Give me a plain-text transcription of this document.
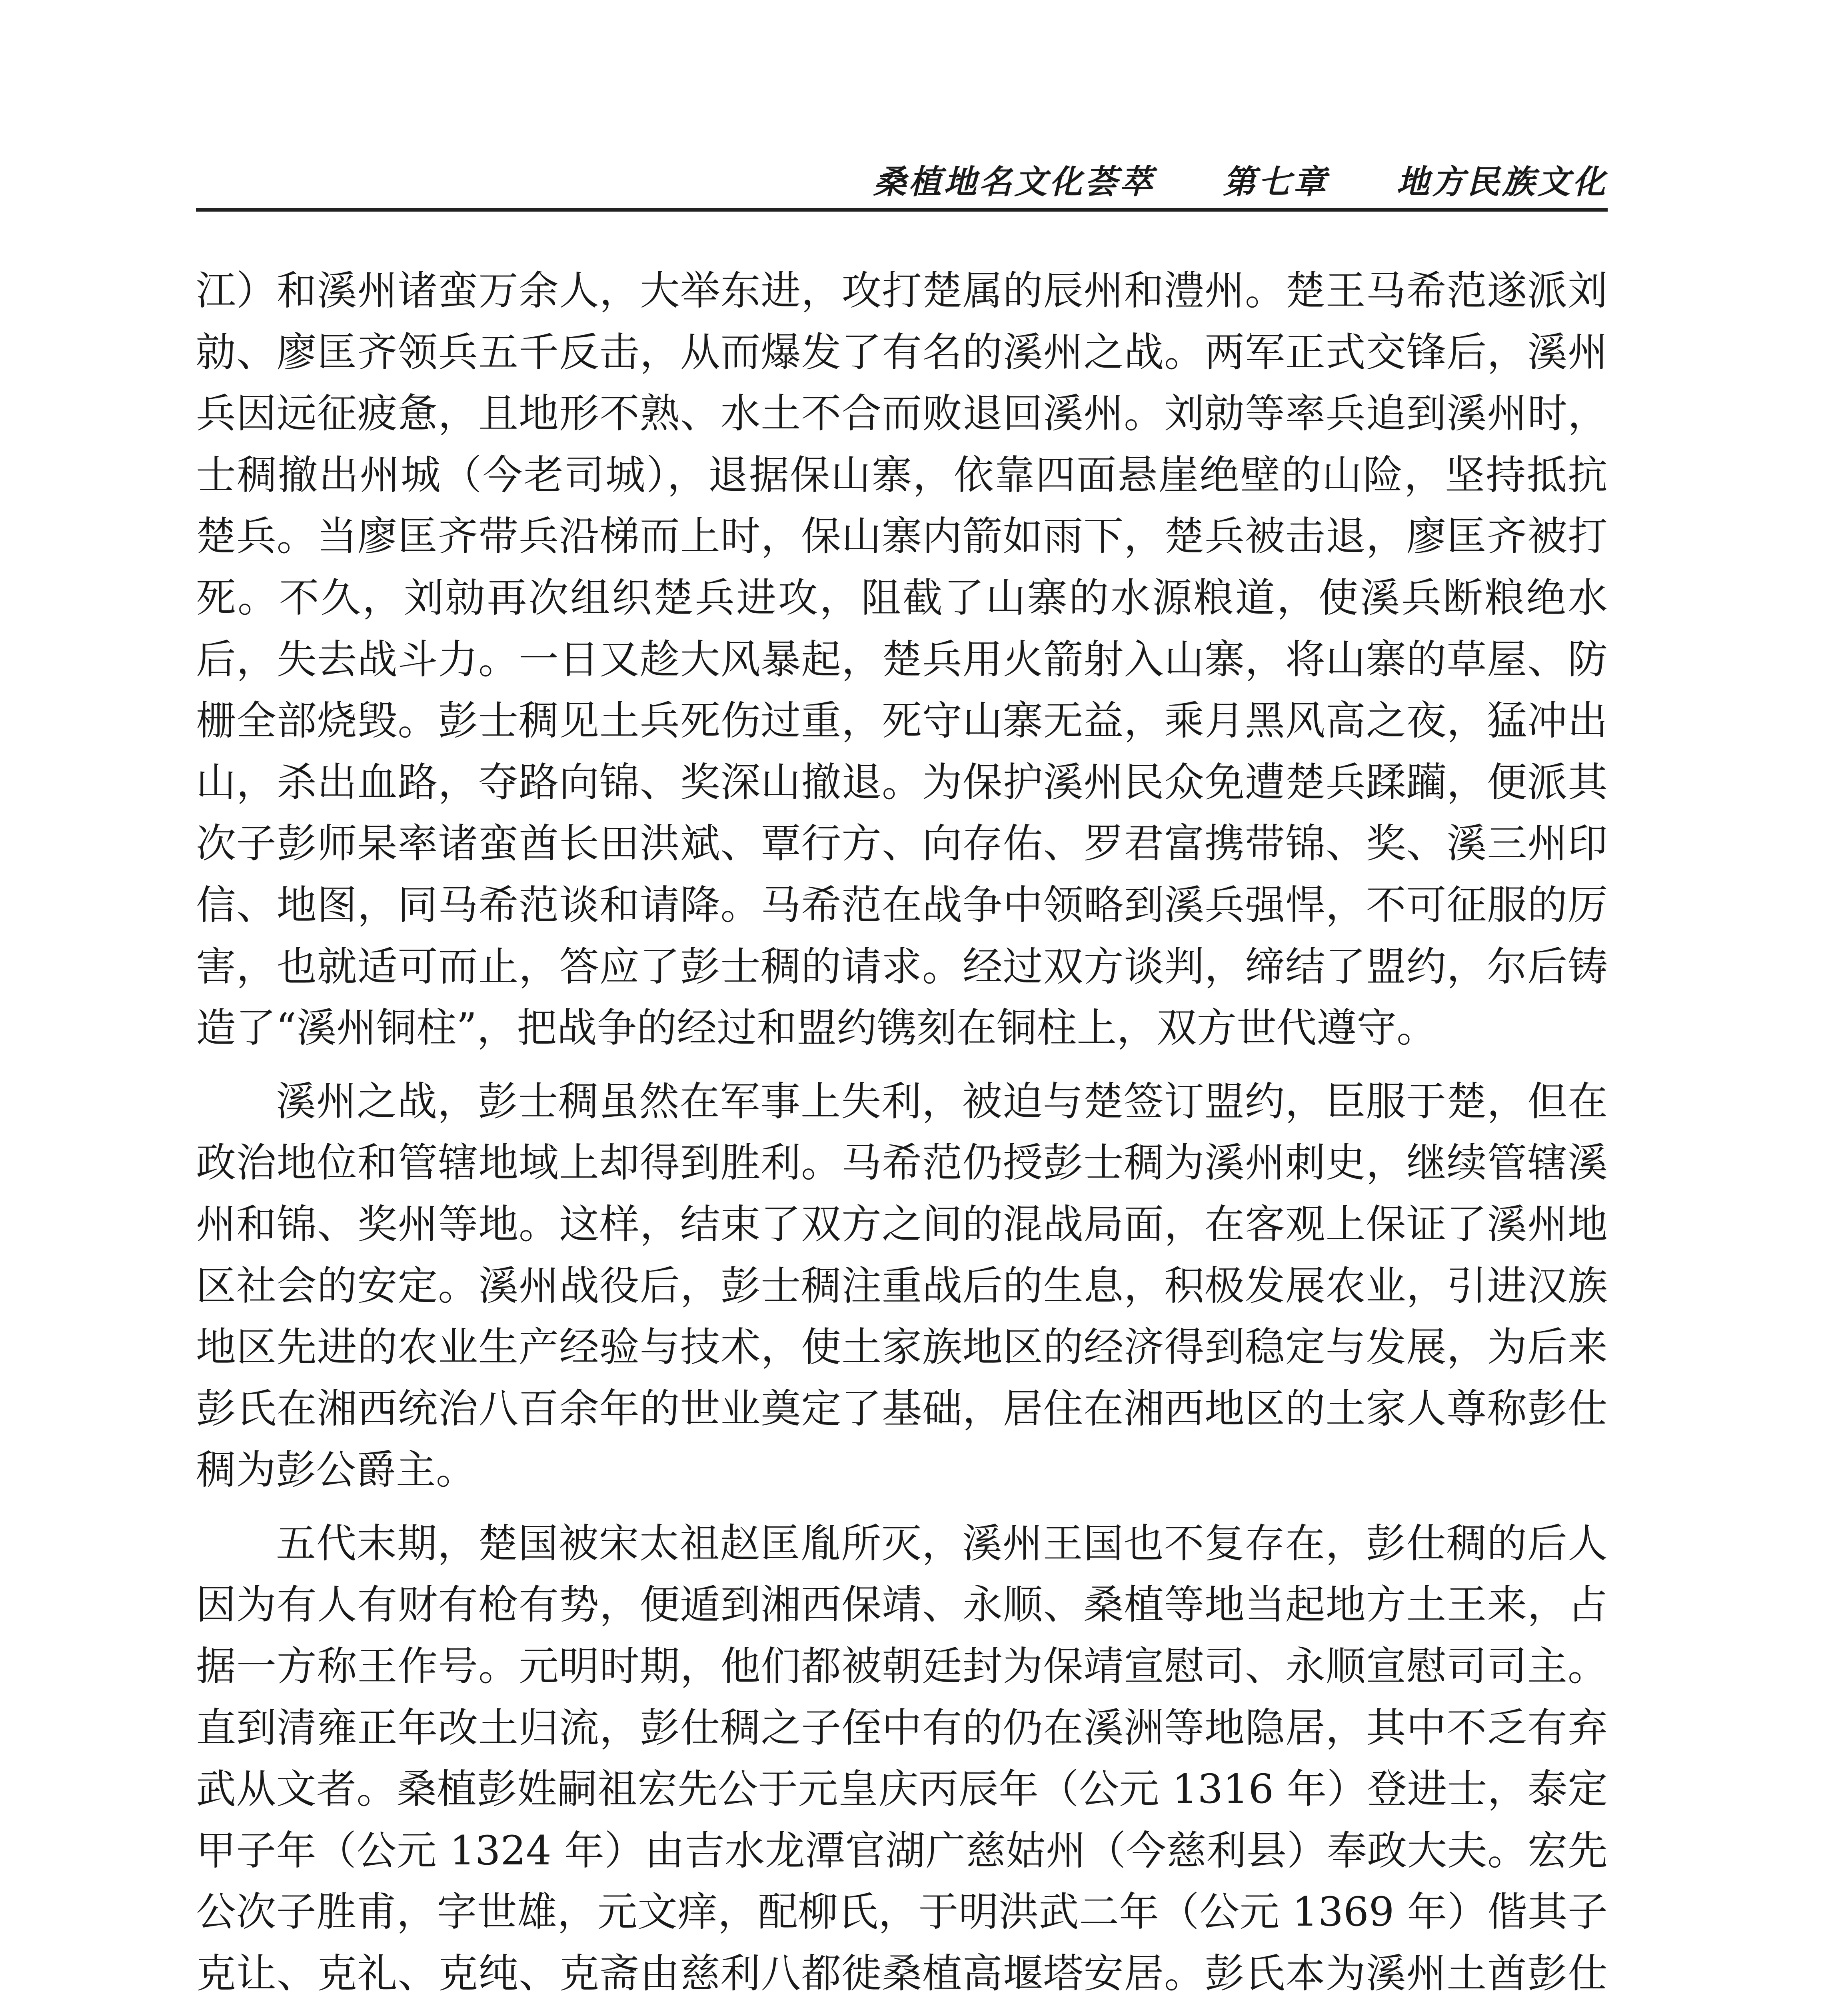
桑植地名文化荟萃 第七章 地方民族文化

江）和溪州诸蛮万余人，大举东进，攻打楚属的辰州和澧州。楚王马希范遂派刘勍、廖匡齐领兵五千反击，从而爆发了有名的溪州之战。两军正式交锋后，溪州兵因远征疲惫，且地形不熟、水土不合而败退回溪州。刘勍等率兵追到溪州时，士稠撤出州城（今老司城），退据保山寨，依靠四面悬崖绝壁的山险，坚持抵抗楚兵。当廖匡齐带兵沿梯而上时，保山寨内箭如雨下，楚兵被击退，廖匡齐被打死。不久，刘勍再次组织楚兵进攻，阻截了山寨的水源粮道，使溪兵断粮绝水后，失去战斗力。一日又趁大风暴起，楚兵用火箭射入山寨，将山寨的草屋、防栅全部烧毁。彭士稠见土兵死伤过重，死守山寨无益，乘月黑风高之夜，猛冲出山，杀出血路，夺路向锦、奖深山撤退。为保护溪州民众免遭楚兵蹂躏，便派其次子彭师杲率诸蛮酋长田洪斌、覃行方、向存佑、罗君富携带锦、奖、溪三州印信、地图，同马希范谈和请降。马希范在战争中领略到溪兵强悍，不可征服的厉害，也就适可而止，答应了彭士稠的请求。经过双方谈判，缔结了盟约，尔后铸造了“溪州铜柱”，把战争的经过和盟约镌刻在铜柱上，双方世代遵守。

溪州之战，彭士稠虽然在军事上失利，被迫与楚签订盟约，臣服于楚，但在政治地位和管辖地域上却得到胜利。马希范仍授彭士稠为溪州刺史，继续管辖溪州和锦、奖州等地。这样，结束了双方之间的混战局面，在客观上保证了溪州地区社会的安定。溪州战役后，彭士稠注重战后的生息，积极发展农业，引进汉族地区先进的农业生产经验与技术，使土家族地区的经济得到稳定与发展，为后来彭氏在湘西统治八百余年的世业奠定了基础，居住在湘西地区的土家人尊称彭仕稠为彭公爵主。

五代末期，楚国被宋太祖赵匡胤所灭，溪州王国也不复存在，彭仕稠的后人因为有人有财有枪有势，便遁到湘西保靖、永顺、桑植等地当起地方土王来，占据一方称王作号。元明时期，他们都被朝廷封为保靖宣慰司、永顺宣慰司司主。直到清雍正年改土归流，彭仕稠之子侄中有的仍在溪洲等地隐居，其中不乏有弃武从文者。桑植彭姓嗣祖宏先公于元皇庆丙辰年（公元 1316 年）登进士，泰定甲子年（公元 1324 年）由吉水龙潭官湖广慈姑州（今慈利县）奉政大夫。宏先公次子胜甫，字世雄，元文痒，配柳氏，于明洪武二年（公元 1369 年）偕其子克让、克礼、克纯、克斋由慈利八都徙桑植高堰塔安居。彭氏本为溪州土酋彭仕
